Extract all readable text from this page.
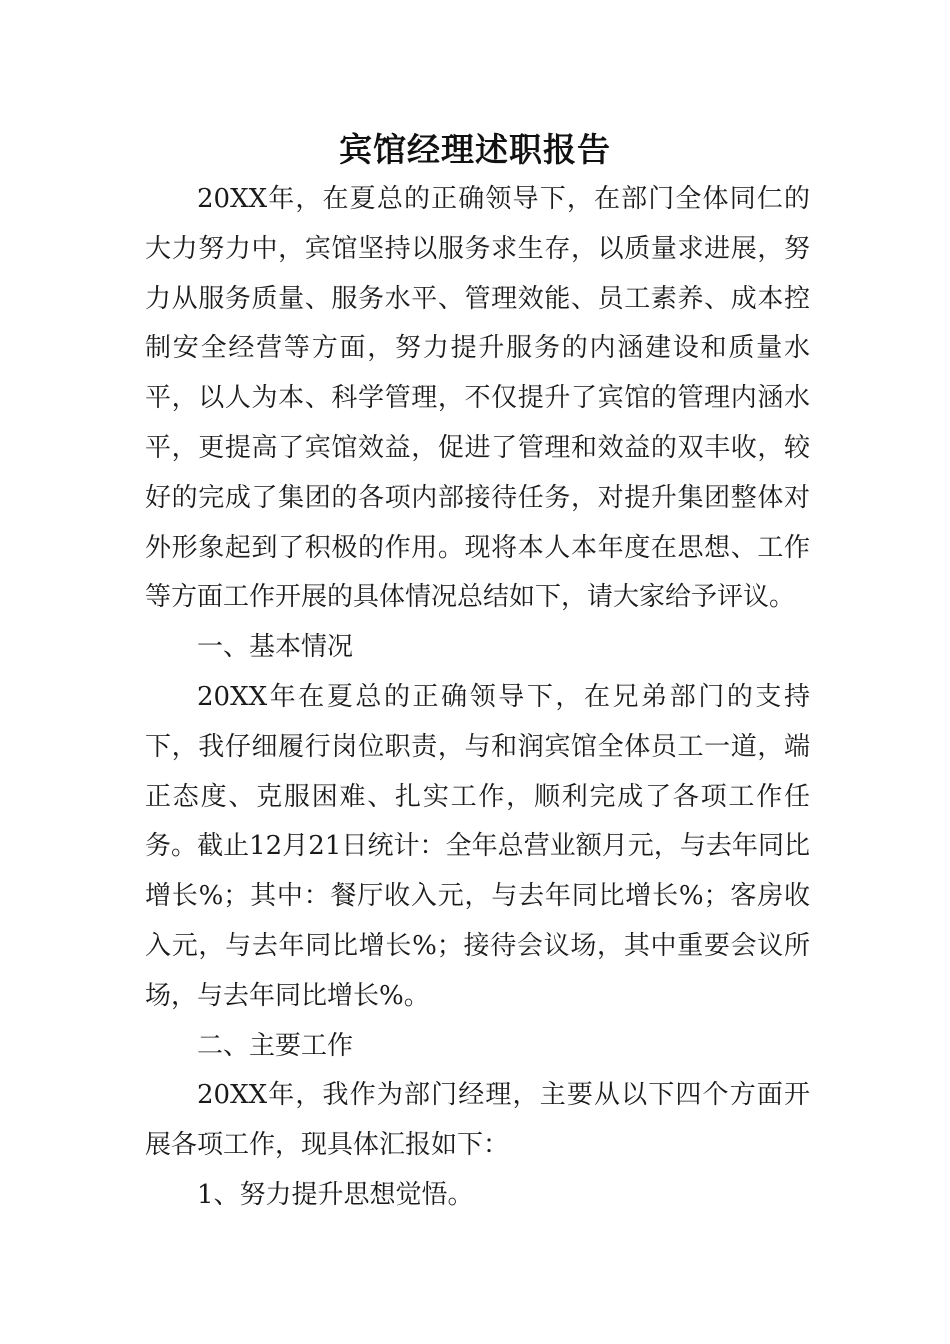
宾馆经理述职报告

20XX年，在夏总的正确领导下，在部门全体同仁的大力努力中，宾馆坚持以服务求生存，以质量求进展，努力从服务质量、服务水平、管理效能、员工素养、成本控制安全经营等方面，努力提升服务的内涵建设和质量水平，以人为本、科学管理，不仅提升了宾馆的管理内涵水平，更提高了宾馆效益，促进了管理和效益的双丰收，较好的完成了集团的各项内部接待任务，对提升集团整体对外形象起到了积极的作用。现将本人本年度在思想、工作等方面工作开展的具体情况总结如下，请大家给予评议。

一、基本情况

20XX年在夏总的正确领导下，在兄弟部门的支持下，我仔细履行岗位职责，与和润宾馆全体员工一道，端正态度、克服困难、扎实工作，顺利完成了各项工作任务。截止12月21日统计：全年总营业额月元，与去年同比增长%；其中：餐厅收入元，与去年同比增长%；客房收入元，与去年同比增长%；接待会议场，其中重要会议所场，与去年同比增长%。

二、主要工作

20XX年，我作为部门经理，主要从以下四个方面开展各项工作，现具体汇报如下：

1、努力提升思想觉悟。
